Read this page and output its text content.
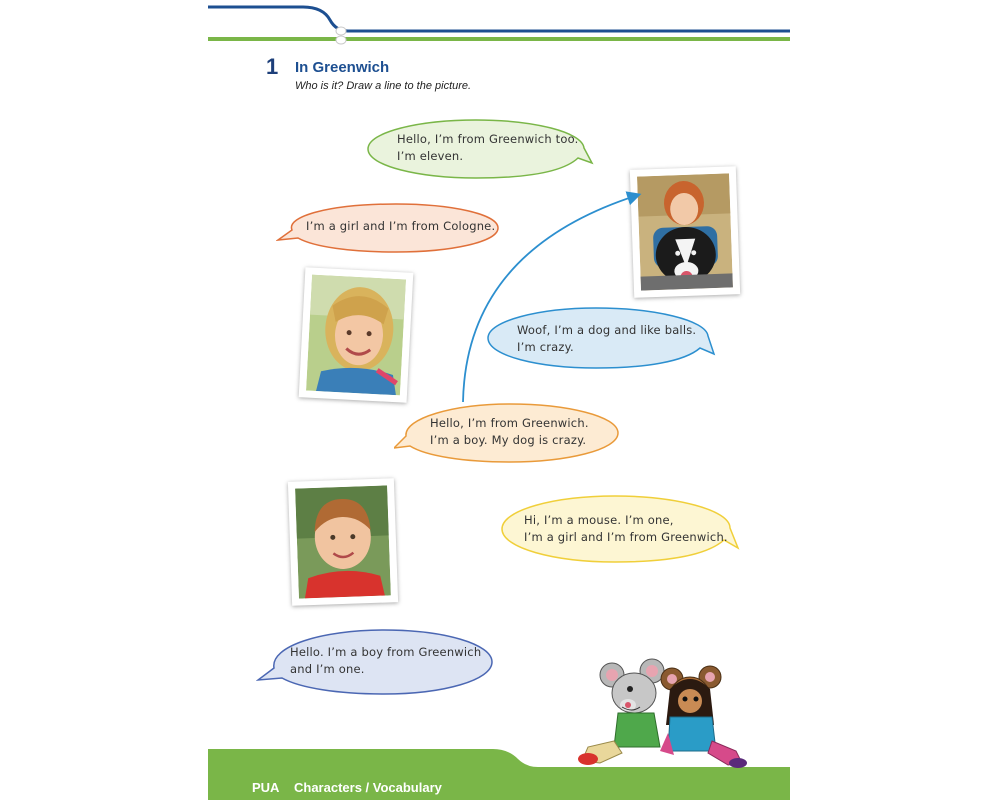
1 In Greenwich
Who is it? Draw a line to the picture.
Hello, I’m from Greenwich too.
I’m eleven.
I’m a girl and I’m from Cologne.
Woof, I’m a dog and like balls.
I’m crazy.
Hello, I’m from Greenwich.
I’m a boy. My dog is crazy.
Hi, I’m a mouse. I’m one,
I’m a girl and I’m from Greenwich.
Hello. I’m a boy from Greenwich
and I’m one.
PUA Characters / Vocabulary
